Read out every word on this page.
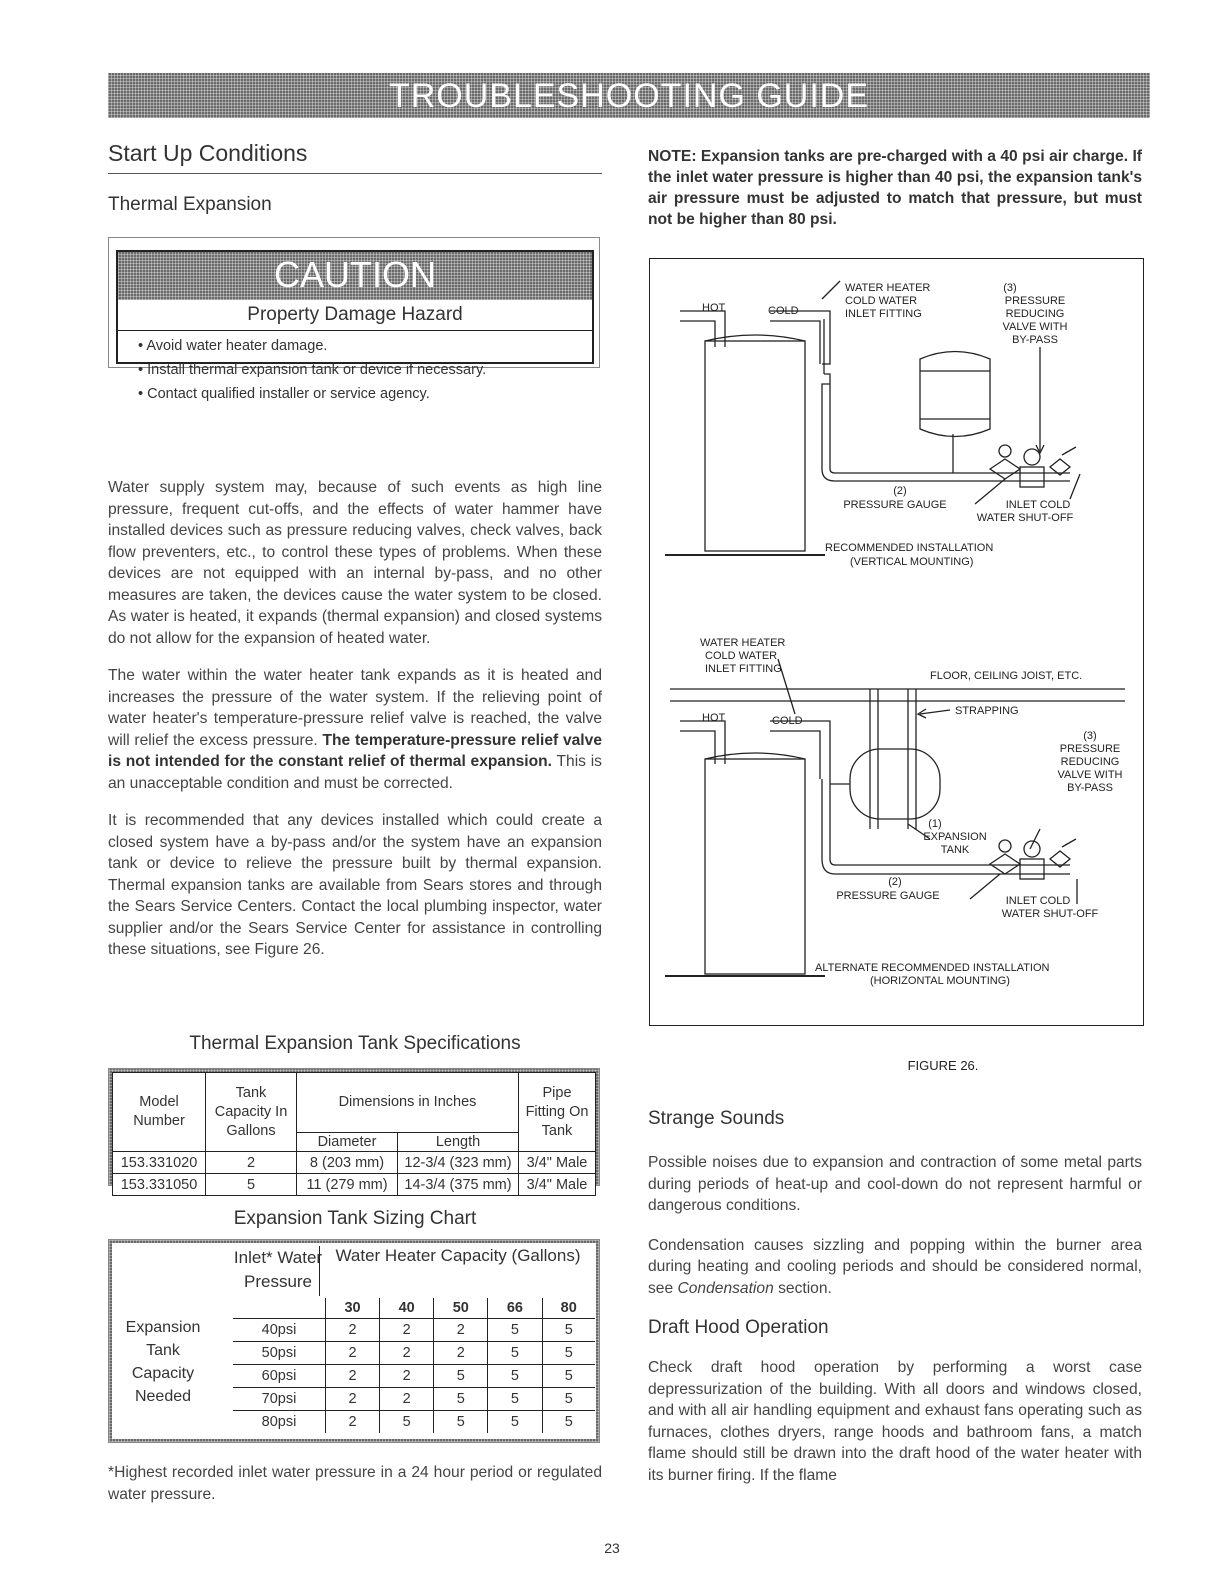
TROUBLESHOOTING GUIDE
Start Up Conditions
Thermal Expansion
CAUTION
Property Damage Hazard
• Avoid water heater damage.
• Install thermal expansion tank or device if necessary.
• Contact qualified installer or service agency.

Water supply system may, because of such events as high line pressure, frequent cut-offs, and the effects of water hammer have installed devices such as pressure reducing valves, check valves, back flow preventers, etc., to control these types of problems. When these devices are not equipped with an internal by-pass, and no other measures are taken, the devices cause the water system to be closed. As water is heated, it expands (thermal expansion) and closed systems do not allow for the expansion of heated water.

The water within the water heater tank expands as it is heated and increases the pressure of the water system. If the relieving point of water heater's temperature-pressure relief valve is reached, the valve will relief the excess pressure. The temperature-pressure relief valve is not intended for the constant relief of thermal expansion. This is an unacceptable condition and must be corrected.

It is recommended that any devices installed which could create a closed system have a by-pass and/or the system have an expansion tank or device to relieve the pressure built by thermal expansion. Thermal expansion tanks are available from Sears stores and through the Sears Service Centers. Contact the local plumbing inspector, water supplier and/or the Sears Service Center for assistance in controlling these situations, see Figure 26.

Thermal Expansion Tank Specifications
Model Number	Tank Capacity In Gallons	Dimensions in Inches		Pipe Fitting On Tank
		Diameter	Length	
153.331020	2	8 (203 mm)	12-3/4 (323 mm)	3/4" Male
153.331050	5	11 (279 mm)	14-3/4 (375 mm)	3/4" Male
Expansion Tank Sizing Chart
Expansion Tank Capacity Needed
Inlet* Water Pressure
Water Heater Capacity (Gallons)
	30	40	50	66	80
40psi	2	2	2	5	5
50psi	2	2	2	5	5
60psi	2	2	5	5	5
70psi	2	2	5	5	5
80psi	2	5	5	5	5

*Highest recorded inlet water pressure in a 24 hour period or regulated water pressure.

NOTE: Expansion tanks are pre-charged with a 40 psi air charge. If the inlet water pressure is higher than 40 psi, the expansion tank's air pressure must be adjusted to match that pressure, but must not be higher than 80 psi.

HOT	COLD
WATER HEATER
COLD WATER
INLET FITTING
(3)
PRESSURE
REDUCING
VALVE WITH
BY-PASS
(2)
PRESSURE GAUGE	INLET COLD
WATER SHUT-OFF
RECOMMENDED INSTALLATION
(VERTICAL MOUNTING)
WATER HEATER
COLD WATER
INLET FITTING
FLOOR, CEILING JOIST, ETC.
HOT	COLD
STRAPPING
(3)
PRESSURE
REDUCING
VALVE WITH
BY-PASS
(1)
EXPANSION
TANK
(2)
PRESSURE GAUGE	INLET COLD
WATER SHUT-OFF
ALTERNATE RECOMMENDED INSTALLATION
(HORIZONTAL MOUNTING)
FIGURE 26.
Strange Sounds

Possible noises due to expansion and contraction of some metal parts during periods of heat-up and cool-down do not represent harmful or dangerous conditions.

Condensation causes sizzling and popping within the burner area during heating and cooling periods and should be considered normal, see Condensation section.

Draft Hood Operation

Check draft hood operation by performing a worst case depressurization of the building. With all doors and windows closed, and with all air handling equipment and exhaust fans operating such as furnaces, clothes dryers, range hoods and bathroom fans, a match flame should still be drawn into the draft hood of the water heater with its burner firing. If the flame

23
